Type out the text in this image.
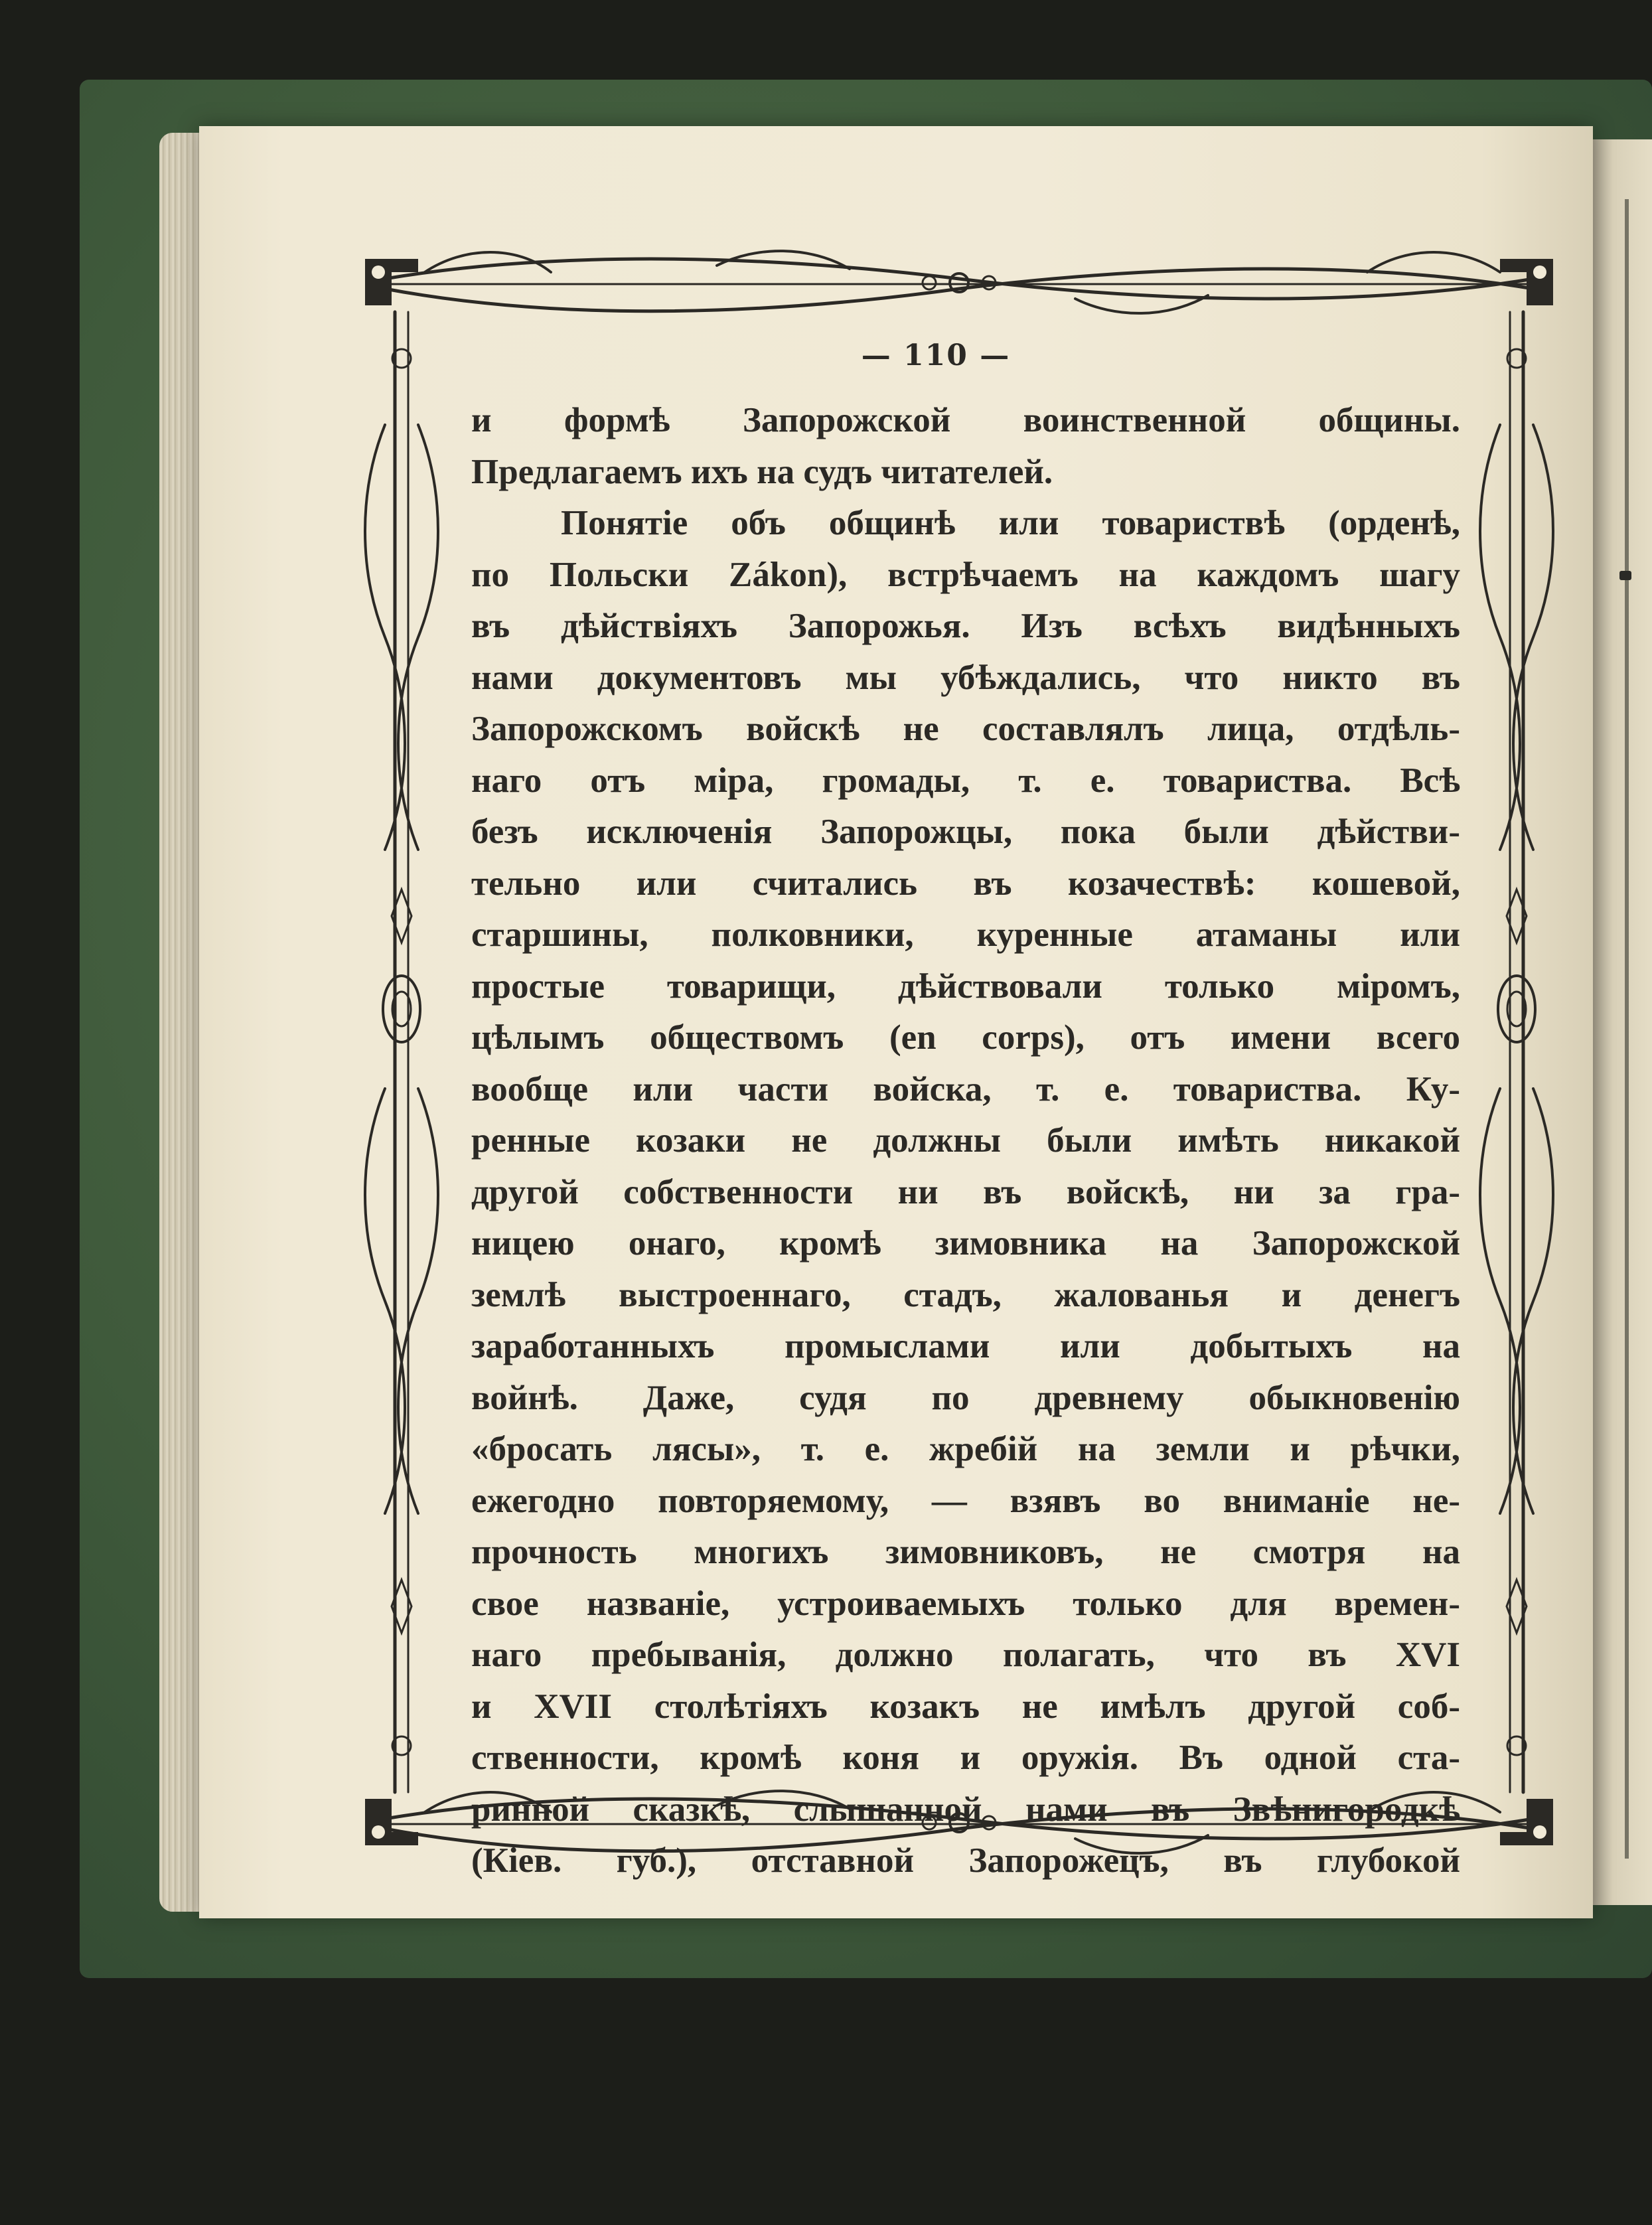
— 110 —
и формѣ Запорожской воинственной общины.
Предлагаемъ ихъ на судъ читателей.
Понятіе объ общинѣ или товариствѣ (орденѣ,
по Польски Zákon), встрѣчаемъ на каждомъ шагу
въ дѣйствіяхъ Запорожья. Изъ всѣхъ видѣнныхъ
нами документовъ мы убѣждались, что никто въ
Запорожскомъ войскѣ не составлялъ лица, отдѣль-
наго отъ міра, громады, т. е. товариства. Всѣ
безъ исключенія Запорожцы, пока были дѣйстви-
тельно или считались въ козачествѣ: кошевой,
старшины, полковники, куренные атаманы или
простые товарищи, дѣйствовали только міромъ,
цѣлымъ обществомъ (en corps), отъ имени всего
вообще или части войска, т. е. товариства. Ку-
ренные козаки не должны были имѣть никакой
другой собственности ни въ войскѣ, ни за гра-
ницею онаго, кромѣ зимовника на Запорожской
землѣ выстроеннаго, стадъ, жалованья и денегъ
заработанныхъ промыслами или добытыхъ на
войнѣ. Даже, судя по древнему обыкновенію
«бросать лясы», т. е. жребій на земли и рѣчки,
ежегодно повторяемому, — взявъ во вниманіе не-
прочность многихъ зимовниковъ, не смотря на
свое названіе, устроиваемыхъ только для времен-
наго пребыванія, должно полагать, что въ XVI
и XVII столѣтіяхъ козакъ не имѣлъ другой соб-
ственности, кромѣ коня и оружія. Въ одной ста-
ринной сказкѣ, слышанной нами въ Звѣнигородкѣ
(Кіев. губ.), отставной Запорожецъ, въ глубокой
